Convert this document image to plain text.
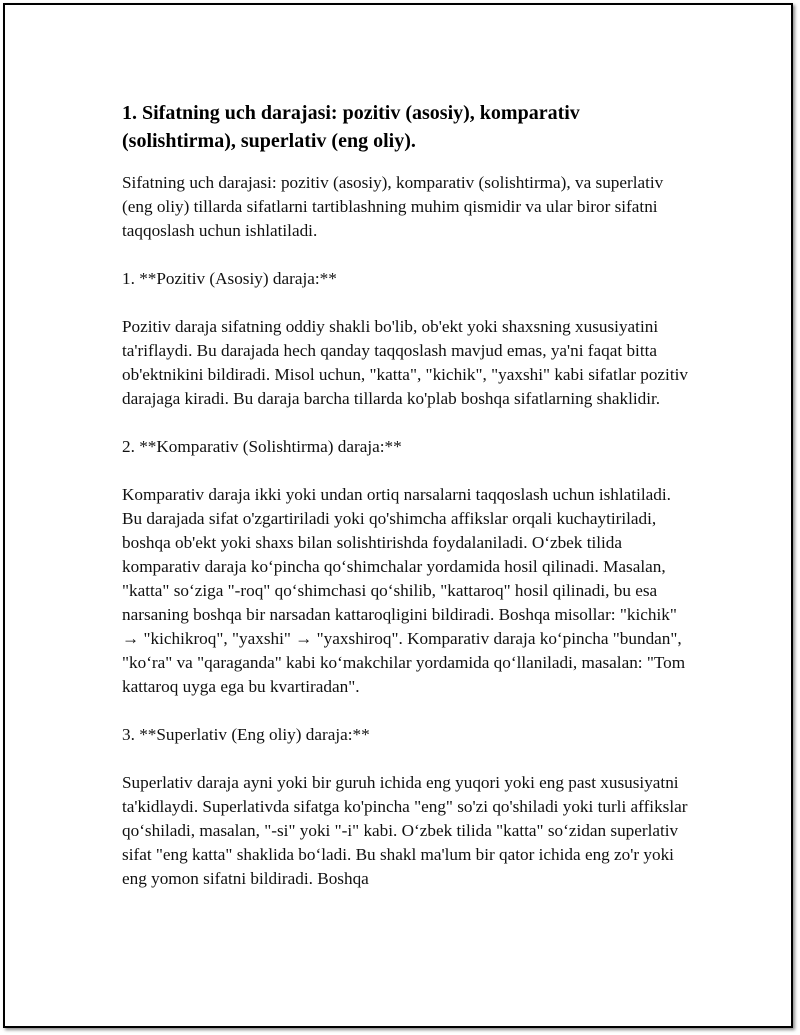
1. Sifatning uch darajasi: pozitiv (asosiy), komparativ (solishtirma), superlativ (eng oliy).

Sifatning uch darajasi: pozitiv (asosiy), komparativ (solishtirma), va superlativ (eng oliy) tillarda sifatlarni tartiblashning muhim qismidir va ular biror sifatni taqqoslash uchun ishlatiladi.

1. **Pozitiv (Asosiy) daraja:**

Pozitiv daraja sifatning oddiy shakli bo'lib, ob'ekt yoki shaxsning xususiyatini ta'riflaydi. Bu darajada hech qanday taqqoslash mavjud emas, ya'ni faqat bitta ob'ektnikini bildiradi. Misol uchun, "katta", "kichik", "yaxshi" kabi sifatlar pozitiv darajaga kiradi. Bu daraja barcha tillarda ko'plab boshqa sifatlarning shaklidir.

2. **Komparativ (Solishtirma) daraja:**

Komparativ daraja ikki yoki undan ortiq narsalarni taqqoslash uchun ishlatiladi. Bu darajada sifat o'zgartiriladi yoki qo'shimcha affikslar orqali kuchaytiriladi, boshqa ob'ekt yoki shaxs bilan solishtirishda foydalaniladi. O‘zbek tilida komparativ daraja ko‘pincha qo‘shimchalar yordamida hosil qilinadi. Masalan, "katta" so‘ziga "-roq" qo‘shimchasi qo‘shilib, "kattaroq" hosil qilinadi, bu esa narsaning boshqa bir narsadan kattaroqligini bildiradi. Boshqa misollar: "kichik" → "kichikroq", "yaxshi" → "yaxshiroq". Komparativ daraja ko‘pincha "bundan", "ko‘ra" va "qaraganda" kabi ko‘makchilar yordamida qo‘llaniladi, masalan: "Tom kattaroq uyga ega bu kvartiradan".

3. **Superlativ (Eng oliy) daraja:**

Superlativ daraja ayni yoki bir guruh ichida eng yuqori yoki eng past xususiyatni ta'kidlaydi. Superlativda sifatga ko'pincha "eng" so'zi qo'shiladi yoki turli affikslar qo‘shiladi, masalan, "-si" yoki "-i" kabi. O‘zbek tilida "katta" so‘zidan superlativ sifat "eng katta" shaklida bo‘ladi. Bu shakl ma'lum bir qator ichida eng zo'r yoki eng yomon sifatni bildiradi. Boshqa
